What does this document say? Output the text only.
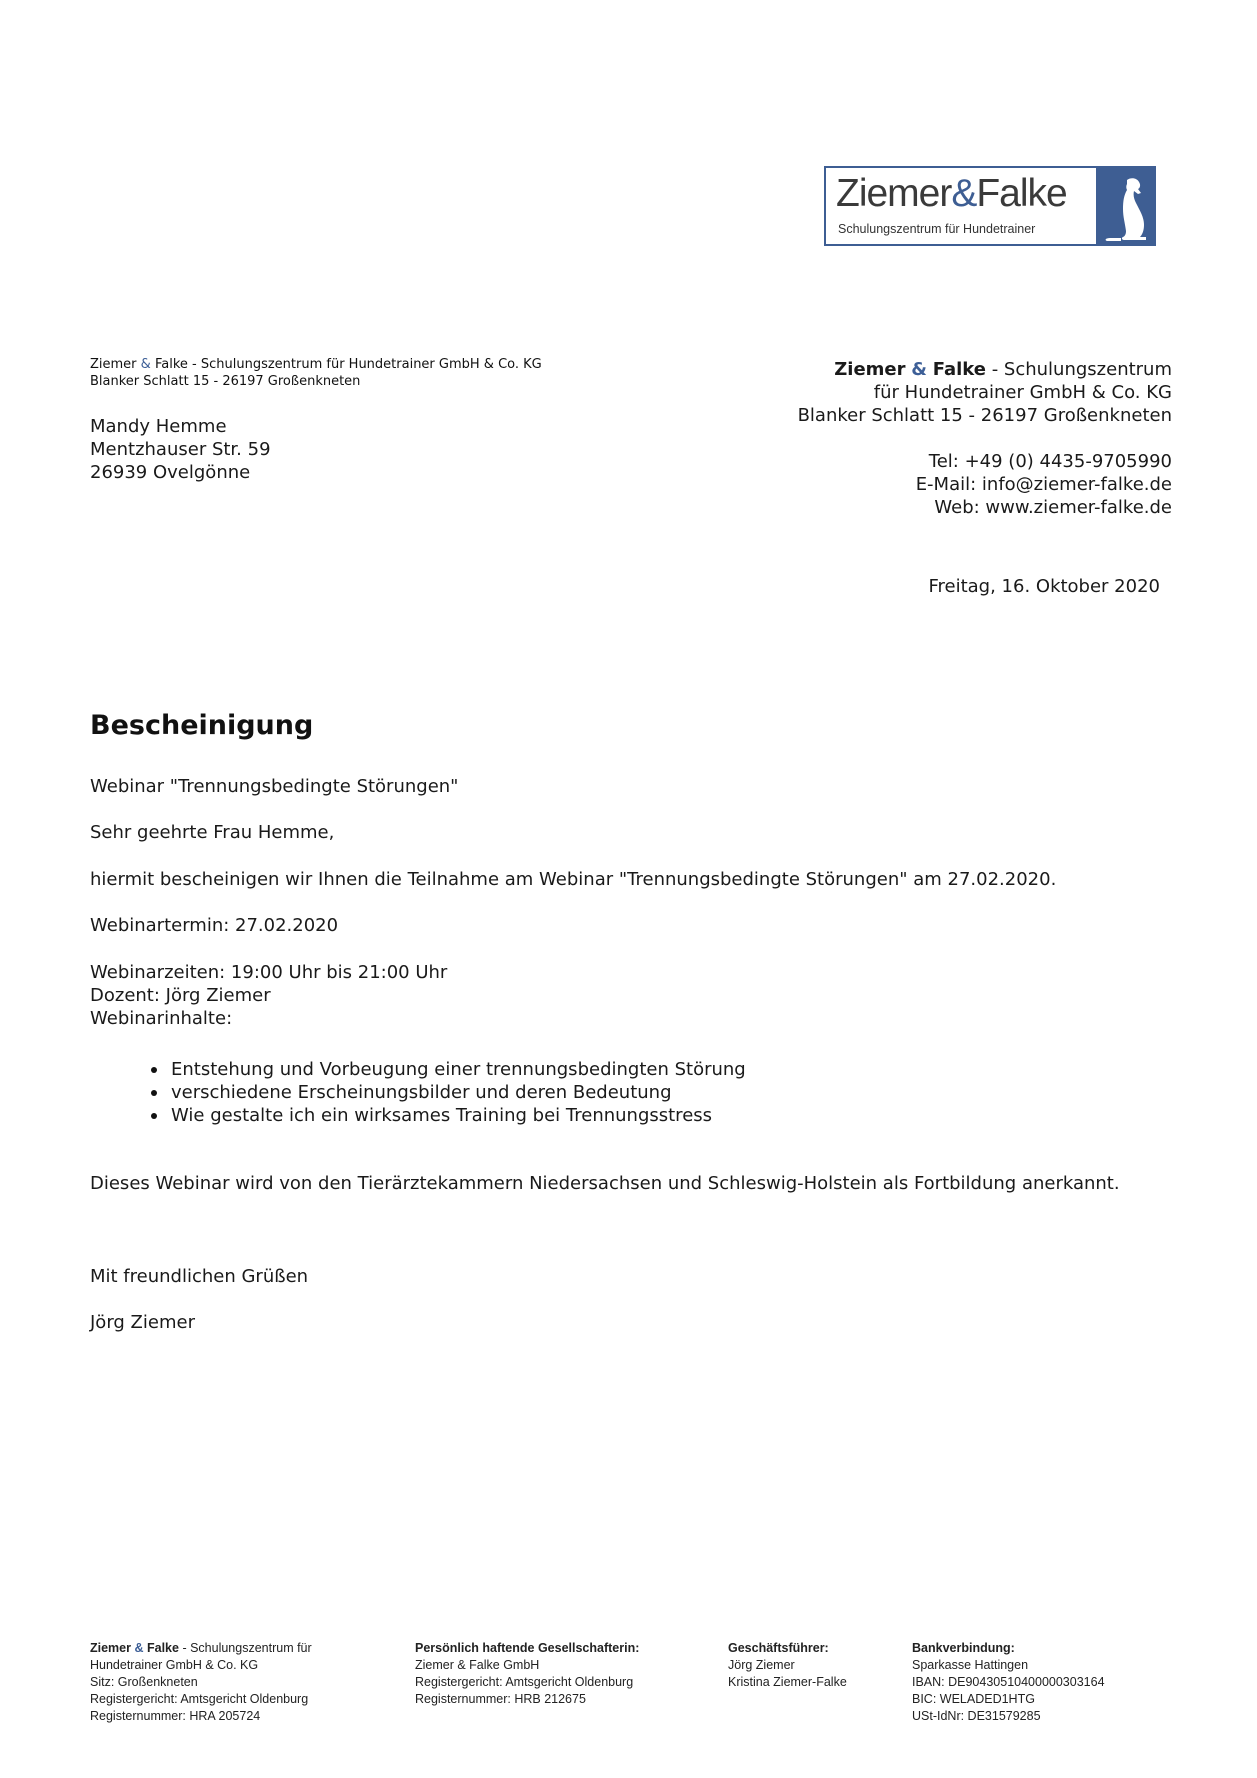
Ziemer&Falke
Schulungszentrum für Hundetrainer
Ziemer & Falke - Schulungszentrum für Hundetrainer GmbH & Co. KG
Blanker Schlatt 15 - 26197 Großenkneten
Mandy Hemme
Mentzhauser Str. 59
26939 Ovelgönne
Ziemer & Falke - Schulungszentrum
für Hundetrainer GmbH & Co. KG
Blanker Schlatt 15 - 26197 Großenkneten
Tel: +49 (0) 4435-9705990
E-Mail: info@ziemer-falke.de
Web: www.ziemer-falke.de
Freitag, 16. Oktober 2020
Bescheinigung
Webinar "Trennungsbedingte Störungen"
Sehr geehrte Frau Hemme,
hiermit bescheinigen wir Ihnen die Teilnahme am Webinar "Trennungsbedingte Störungen" am 27.02.2020.
Webinartermin: 27.02.2020
Webinarzeiten: 19:00 Uhr bis 21:00 Uhr
Dozent: Jörg Ziemer
Webinarinhalte:
Entstehung und Vorbeugung einer trennungsbedingten Störung
verschiedene Erscheinungsbilder und deren Bedeutung
Wie gestalte ich ein wirksames Training bei Trennungsstress
Dieses Webinar wird von den Tierärztekammern Niedersachsen und Schleswig-Holstein als Fortbildung anerkannt.
Mit freundlichen Grüßen
Jörg Ziemer
Ziemer & Falke - Schulungszentrum für
Hundetrainer GmbH & Co. KG
Sitz: Großenkneten
Registergericht: Amtsgericht Oldenburg
Registernummer: HRA 205724
Persönlich haftende Gesellschafterin:
Ziemer & Falke GmbH
Registergericht: Amtsgericht Oldenburg
Registernummer: HRB 212675
Geschäftsführer:
Jörg Ziemer
Kristina Ziemer-Falke
Bankverbindung:
Sparkasse Hattingen
IBAN: DE90430510400000303164
BIC: WELADED1HTG
USt-IdNr: DE31579285
